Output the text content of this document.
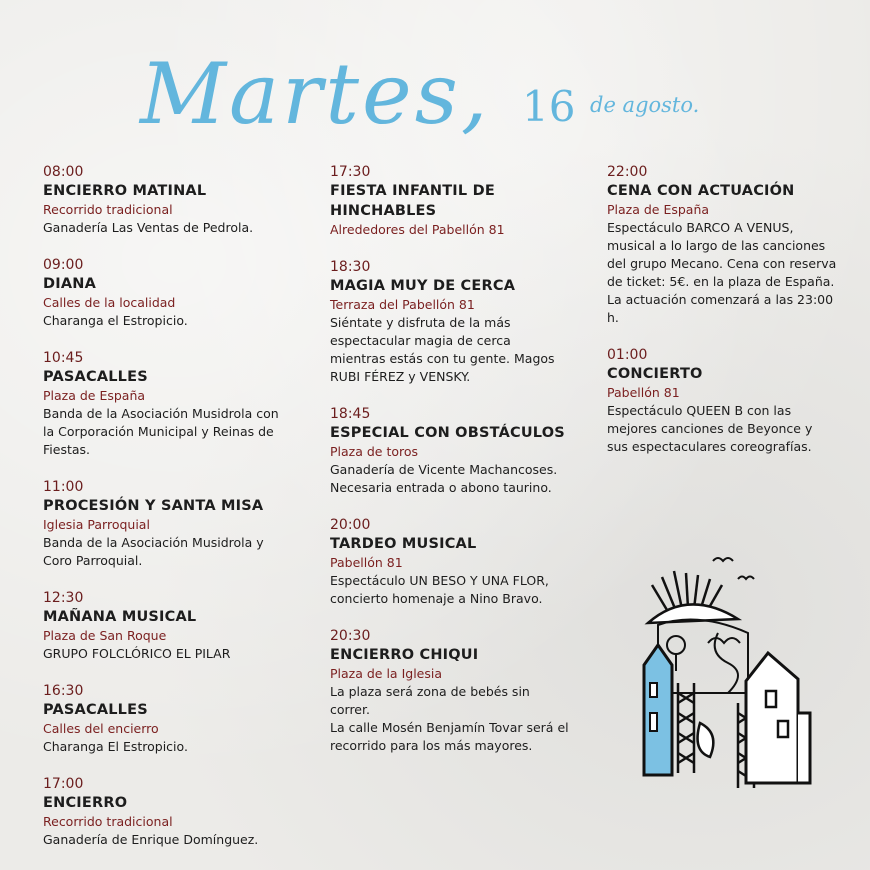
Martes, 16 de agosto.
08:00
ENCIERRO MATINAL
Recorrido tradicional
Ganadería Las Ventas de Pedrola.
09:00
DIANA
Calles de la localidad
Charanga el Estropicio.
10:45
PASACALLES
Plaza de España
Banda de la Asociación Musidrola con la Corporación Municipal y Reinas de Fiestas.
11:00
PROCESIÓN Y SANTA MISA
Iglesia Parroquial
Banda de la Asociación Musidrola y Coro Parroquial.
12:30
MAÑANA MUSICAL
Plaza de San Roque
GRUPO FOLCLÓRICO EL PILAR
16:30
PASACALLES
Calles del encierro
Charanga El Estropicio.
17:00
ENCIERRO
Recorrido tradicional
Ganadería de Enrique Domínguez.
17:30
FIESTA INFANTIL DE HINCHABLES
Alrededores del Pabellón 81
18:30
MAGIA MUY DE CERCA
Terraza del Pabellón 81
Siéntate y disfruta de la más espectacular magia de cerca mientras estás con tu gente. Magos RUBI FÉREZ y VENSKY.
18:45
ESPECIAL CON OBSTÁCULOS
Plaza de toros
Ganadería de Vicente Machancoses. Necesaria entrada o abono taurino.
20:00
TARDEO MUSICAL
Pabellón 81
Espectáculo UN BESO Y UNA FLOR, concierto homenaje a Nino Bravo.
20:30
ENCIERRO CHIQUI
Plaza de la Iglesia
La plaza será zona de bebés sin correr.
La calle Mosén Benjamín Tovar será el recorrido para los más mayores.
22:00
CENA CON ACTUACIÓN
Plaza de España
Espectáculo BARCO A VENUS, musical a lo largo de las canciones del grupo Mecano. Cena con reserva de ticket: 5€. en la plaza de España. La actuación comenzará a las 23:00 h.
01:00
CONCIERTO
Pabellón 81
Espectáculo QUEEN B con las mejores canciones de Beyonce y sus espectaculares coreografías.
